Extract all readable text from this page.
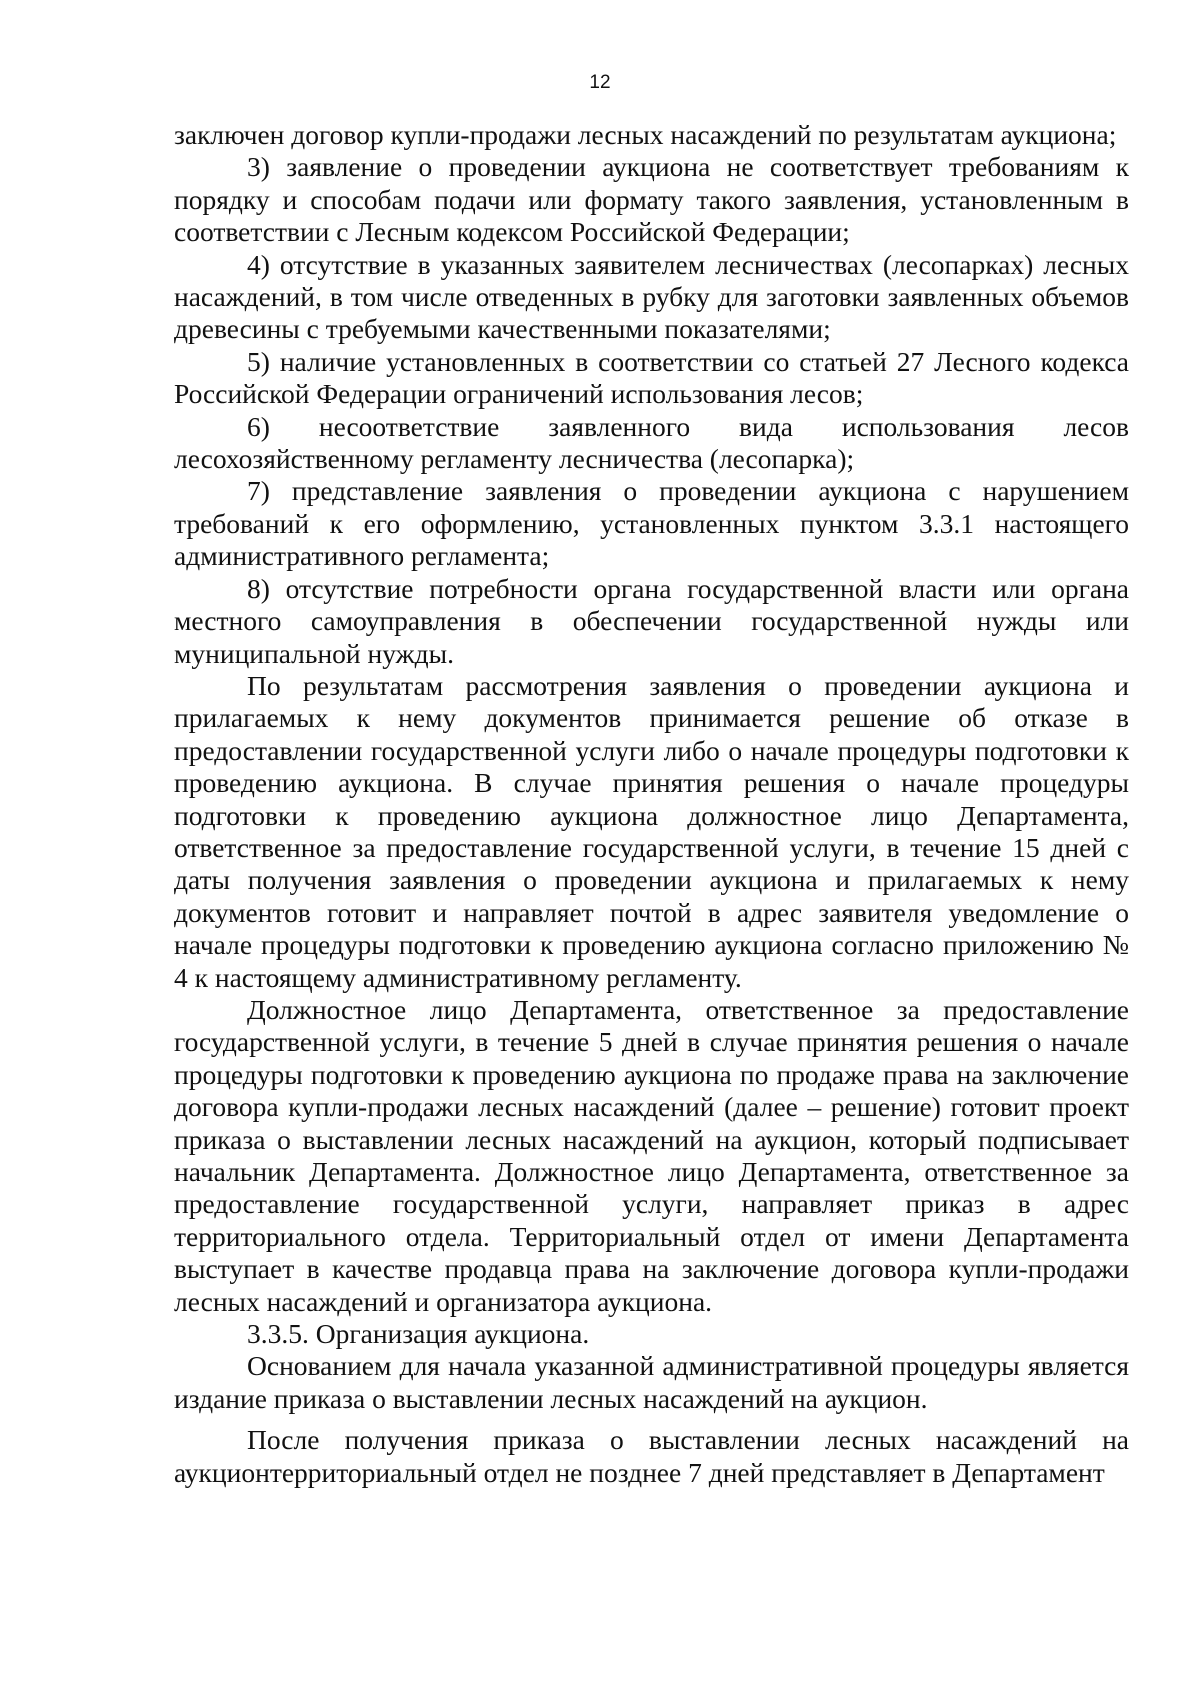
12

заключен договор купли-продажи лесных насаждений по результатам аукциона;

3) заявление о проведении аукциона не соответствует требованиям к порядку и способам подачи или формату такого заявления, установленным в соответствии с Лесным кодексом Российской Федерации;

4) отсутствие в указанных заявителем лесничествах (лесопарках) лесных насаждений, в том числе отведенных в рубку для заготовки заявленных объемов древесины с требуемыми качественными показателями;

5) наличие установленных в соответствии со статьей 27 Лесного кодекса Российской Федерации ограничений использования лесов;

6) несоответствие заявленного вида использования лесов лесохозяйственному регламенту лесничества (лесопарка);

7) представление заявления о проведении аукциона с нарушением требований к его оформлению, установленных пунктом 3.3.1 настоящего административного регламента;

8) отсутствие потребности органа государственной власти или органа местного самоуправления в обеспечении государственной нужды или муниципальной нужды.

По результатам рассмотрения заявления о проведении аукциона и прилагаемых к нему документов принимается решение об отказе в предоставлении государственной услуги либо о начале процедуры подготовки к проведению аукциона. В случае принятия решения о начале процедуры подготовки к проведению аукциона должностное лицо Департамента, ответственное за предоставление государственной услуги, в течение 15 дней с даты получения заявления о проведении аукциона и прилагаемых к нему документов готовит и направляет почтой в адрес заявителя уведомление о начале процедуры подготовки к проведению аукциона согласно приложению № 4 к настоящему административному регламенту.

Должностное лицо Департамента, ответственное за предоставление государственной услуги, в течение 5 дней в случае принятия решения о начале процедуры подготовки к проведению аукциона по продаже права на заключение договора купли-продажи лесных насаждений (далее – решение) готовит проект приказа о выставлении лесных насаждений на аукцион, который подписывает начальник Департамента. Должностное лицо Департамента, ответственное за предоставление государственной услуги, направляет приказ в адрес территориального отдела. Территориальный отдел от имени Департамента выступает в качестве продавца права на заключение договора купли-продажи лесных насаждений и организатора аукциона.

3.3.5. Организация аукциона.

Основанием для начала указанной административной процедуры является издание приказа о выставлении лесных насаждений на аукцион.

После получения приказа о выставлении лесных насаждений на аукционтерриториальный отдел не позднее 7 дней представляет в Департамент
